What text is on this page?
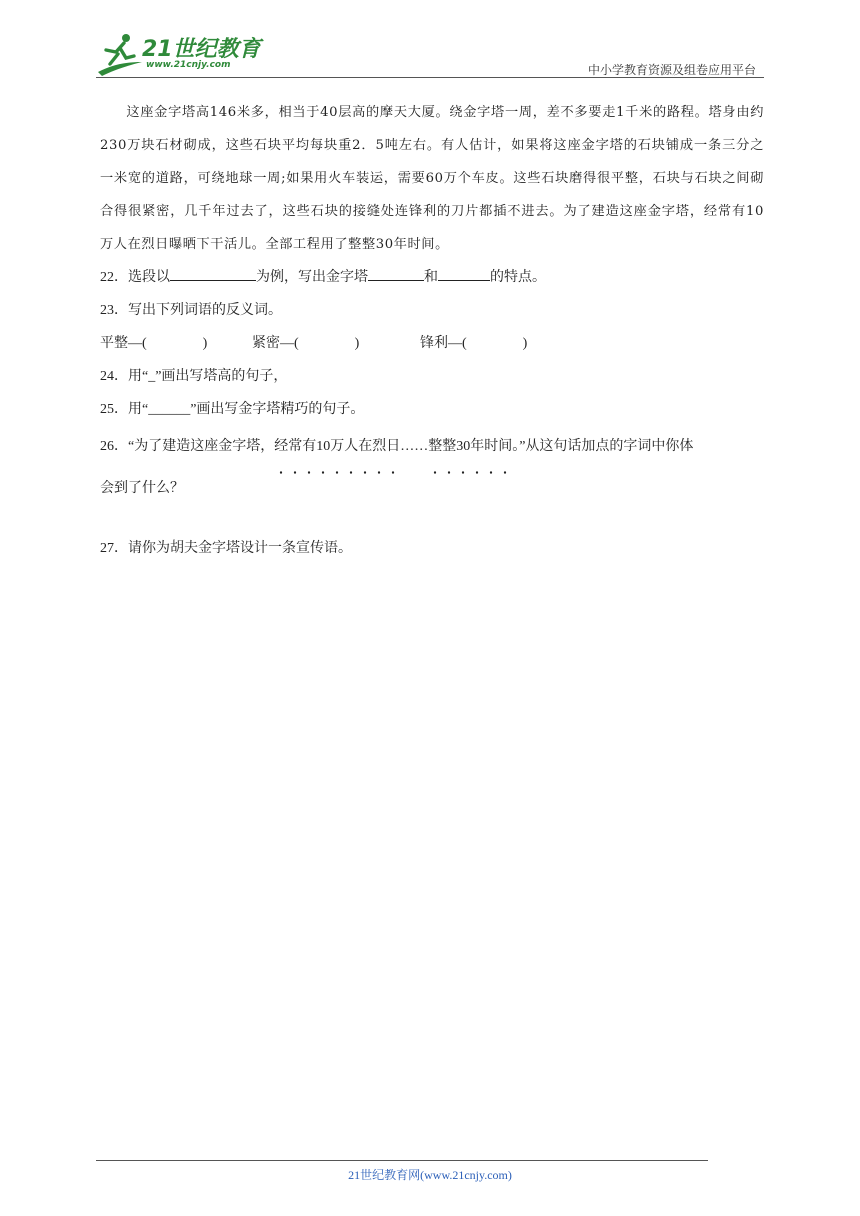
21世纪教育
www.21cnjy.com	中小学教育资源及组卷应用平台

这座金字塔高146米多，相当于40层高的摩天大厦。绕金字塔一周，差不多要走1千米的路程。塔身由约230万块石材砌成，这些石块平均每块重2．5吨左右。有人估计，如果将这座金字塔的石块铺成一条三分之一米宽的道路，可绕地球一周;如果用火车装运，需要60万个车皮。这些石块磨得很平整，石块与石块之间砌合得很紧密，几千年过去了，这些石块的接缝处连锋利的刀片都插不进去。为了建造这座金字塔，经常有10万人在烈日曝晒下干活儿。全部工程用了整整30年时间。

22．选段以	为例，写出金字塔	和	的特点。

23．写出下列词语的反义词。

平整—(　　　　)	紧密—(　　　　)	锋利—(　　　　)

24．用“_”画出写塔高的句子，

25．用“______”画出写金字塔精巧的句子。

26．“为了建造这座金字塔，经常有10万人在烈日……整整30年时间。”从这句话加点的字词中你体
会到了什么？

27．请你为胡夫金字塔设计一条宣传语。

21世纪教育网(www.21cnjy.com)
